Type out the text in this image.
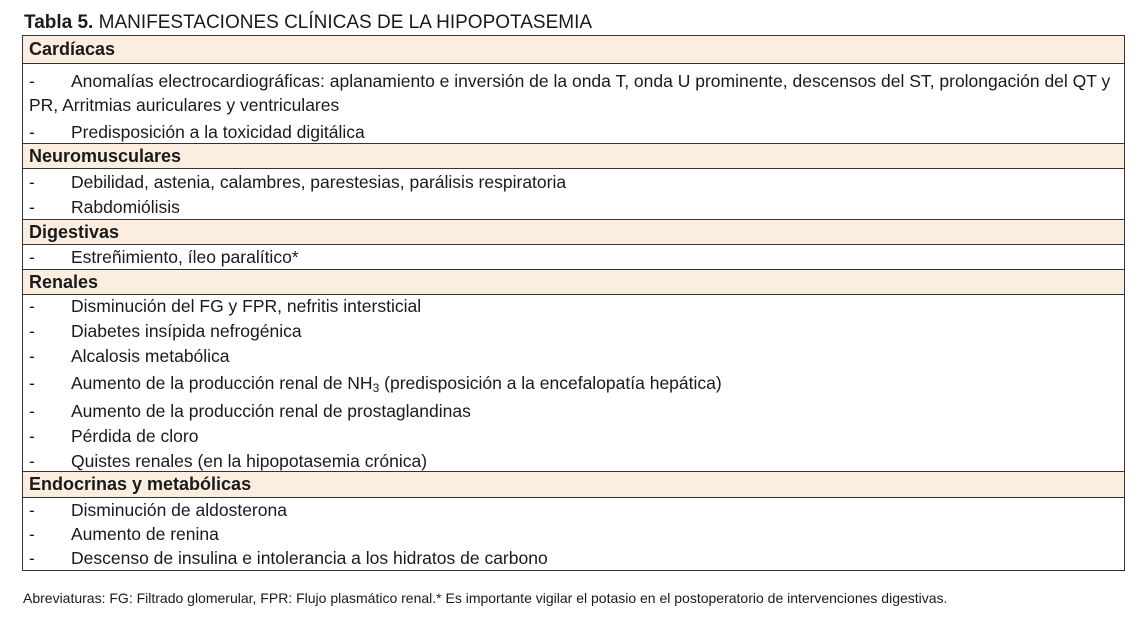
Tabla 5. MANIFESTACIONES CLÍNICAS DE LA HIPOPOTASEMIA
Cardíacas
-	Anomalías electrocardiográficas: aplanamiento e inversión de la onda T, onda U prominente, descensos del ST, prolongación del QT y PR, Arritmias auriculares y ventriculares
- Predisposición a la toxicidad digitálica
Neuromusculares
- Debilidad, astenia, calambres, parestesias, parálisis respiratoria
- Rabdomiólisis
Digestivas
- Estreñimiento, íleo paralítico*
Renales
- Disminución del FG y FPR, nefritis intersticial
- Diabetes insípida nefrogénica
- Alcalosis metabólica
- Aumento de la producción renal de $NH_3$ (predisposición a la encefalopatía hepática)
- Aumento de la producción renal de prostaglandinas
- Pérdida de cloro
- Quistes renales (en la hipopotasemia crónica)
Endocrinas y metabólicas
- Disminución de aldosterona
- Aumento de renina
- Descenso de insulina e intolerancia a los hidratos de carbono
Abreviaturas: FG: Filtrado glomerular, FPR: Flujo plasmático renal.* Es importante vigilar el potasio en el postoperatorio de intervenciones digestivas.
